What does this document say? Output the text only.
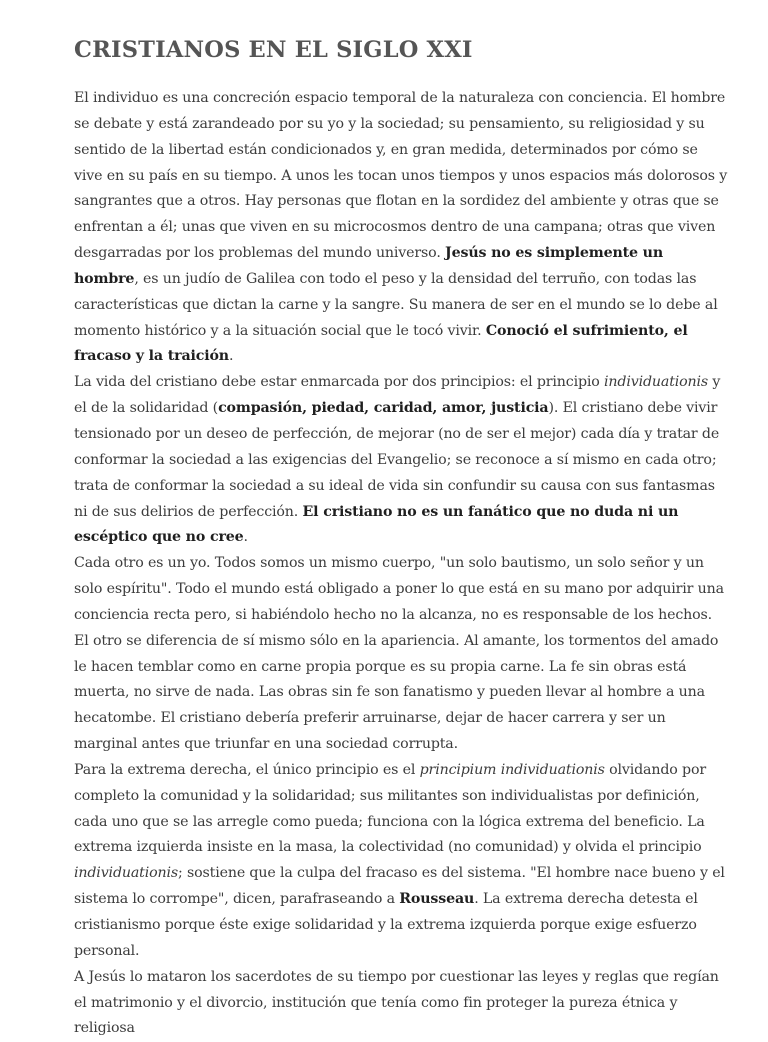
CRISTIANOS EN EL SIGLO XXI

El individuo es una concreción espacio temporal de la naturaleza con conciencia. El hombre se debate y está zarandeado por su yo y la sociedad; su pensamiento, su religiosidad y su sentido de la libertad están condicionados y, en gran medida, determinados por cómo se vive en su país en su tiempo. A unos les tocan unos tiempos y unos espacios más dolorosos y sangrantes que a otros. Hay personas que flotan en la sordidez del ambiente y otras que se enfrentan a él; unas que viven en su microcosmos dentro de una campana; otras que viven desgarradas por los problemas del mundo universo. Jesús no es simplemente un hombre, es un judío de Galilea con todo el peso y la densidad del terruño, con todas las características que dictan la carne y la sangre. Su manera de ser en el mundo se lo debe al momento histórico y a la situación social que le tocó vivir. Conoció el sufrimiento, el fracaso y la traición.

La vida del cristiano debe estar enmarcada por dos principios: el principio individuationis y el de la solidaridad (compasión, piedad, caridad, amor, justicia). El cristiano debe vivir tensionado por un deseo de perfección, de mejorar (no de ser el mejor) cada día y tratar de conformar la sociedad a las exigencias del Evangelio; se reconoce a sí mismo en cada otro; trata de conformar la sociedad a su ideal de vida sin confundir su causa con sus fantasmas ni de sus delirios de perfección. El cristiano no es un fanático que no duda ni un escéptico que no cree.

Cada otro es un yo. Todos somos un mismo cuerpo, "un solo bautismo, un solo señor y un solo espíritu". Todo el mundo está obligado a poner lo que está en su mano por adquirir una conciencia recta pero, si habiéndolo hecho no la alcanza, no es responsable de los hechos. El otro se diferencia de sí mismo sólo en la apariencia. Al amante, los tormentos del amado le hacen temblar como en carne propia porque es su propia carne. La fe sin obras está muerta, no sirve de nada. Las obras sin fe son fanatismo y pueden llevar al hombre a una hecatombe. El cristiano debería preferir arruinarse, dejar de hacer carrera y ser un marginal antes que triunfar en una sociedad corrupta.

Para la extrema derecha, el único principio es el principium individuationis olvidando por completo la comunidad y la solidaridad; sus militantes son individualistas por definición, cada uno que se las arregle como pueda; funciona con la lógica extrema del beneficio. La extrema izquierda insiste en la masa, la colectividad (no comunidad) y olvida el principio individuationis; sostiene que la culpa del fracaso es del sistema. "El hombre nace bueno y el sistema lo corrompe", dicen, parafraseando a Rousseau. La extrema derecha detesta el cristianismo porque éste exige solidaridad y la extrema izquierda porque exige esfuerzo personal.

A Jesús lo mataron los sacerdotes de su tiempo por cuestionar las leyes y reglas que regían el matrimonio y el divorcio, institución que tenía como fin proteger la pureza étnica y religiosa
